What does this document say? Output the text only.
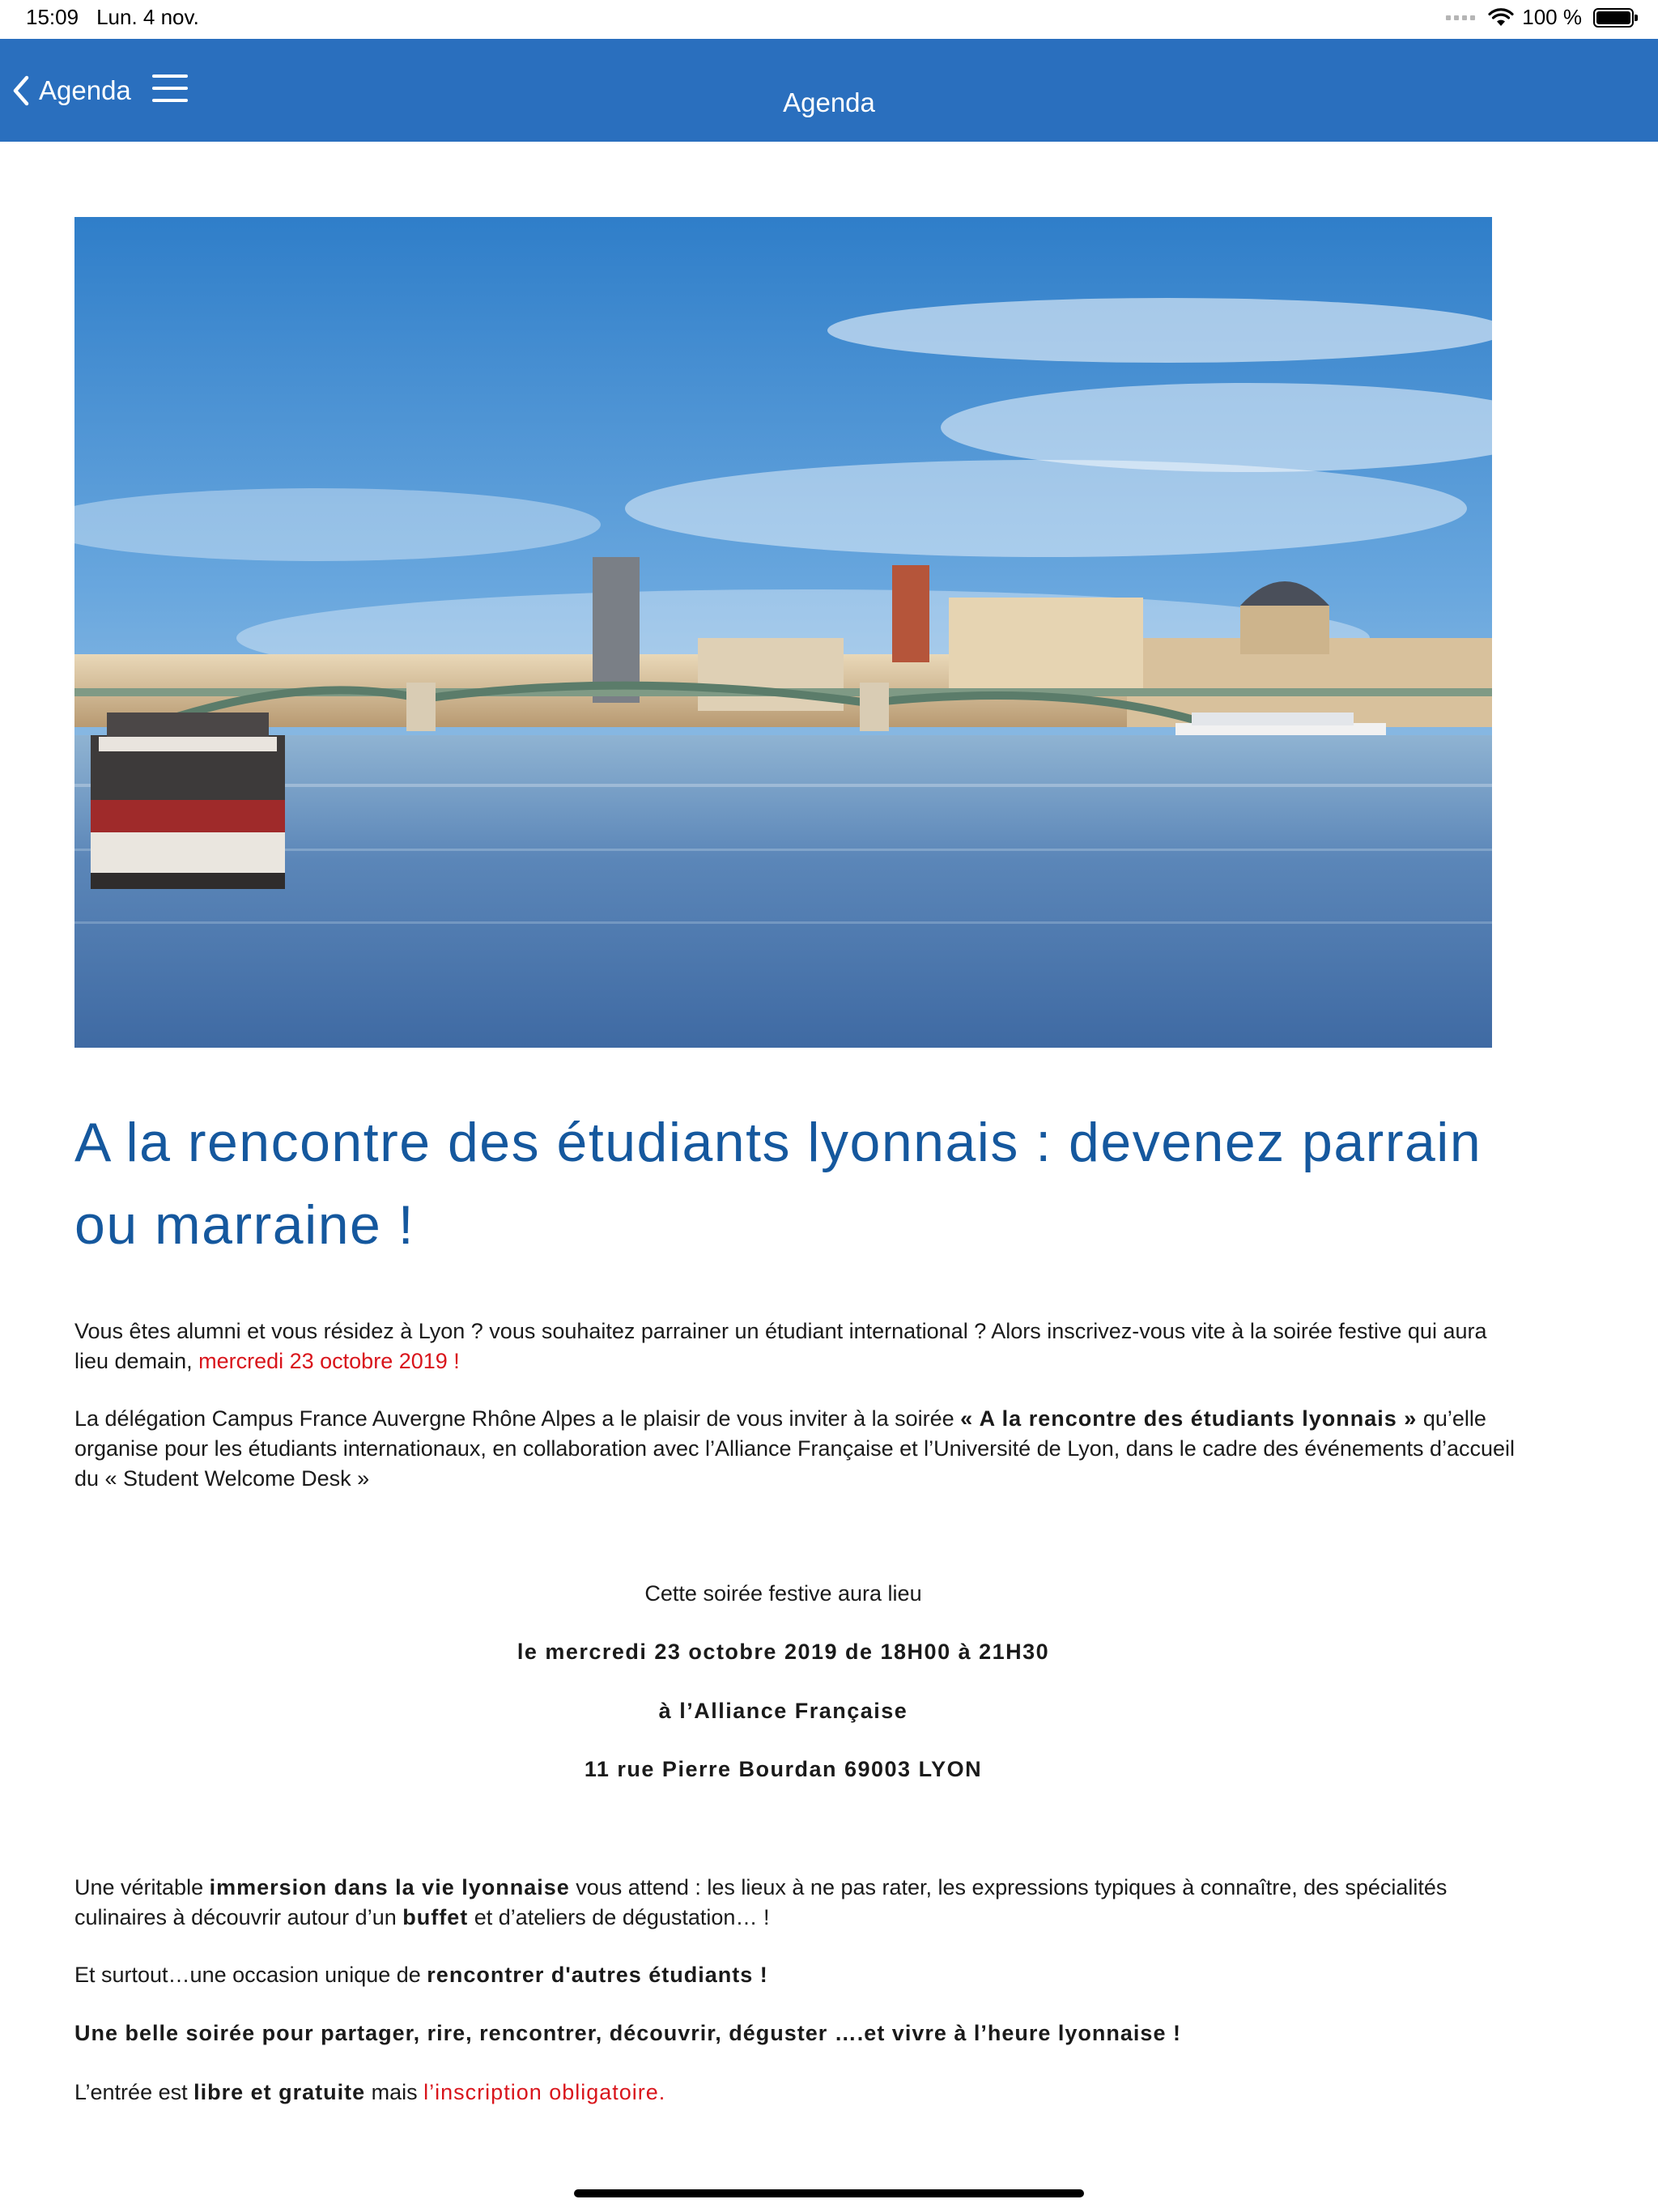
15:09 Lun. 4 nov.	100 %
Agenda	Agenda
A la rencontre des étudiants lyonnais : devenez parrain ou marraine !

Vous êtes alumni et vous résidez à Lyon ? vous souhaitez parrainer un étudiant international ? Alors inscrivez-vous vite à la soirée festive qui aura lieu demain, mercredi 23 octobre 2019 !

La délégation Campus France Auvergne Rhône Alpes a le plaisir de vous inviter à la soirée « A la rencontre des étudiants lyonnais » qu’elle organise pour les étudiants internationaux, en collaboration avec l’Alliance Française et l’Université de Lyon, dans le cadre des événements d’accueil du « Student Welcome Desk »

Cette soirée festive aura lieu

le mercredi 23 octobre 2019 de 18H00 à 21H30

à l’Alliance Française

11 rue Pierre Bourdan 69003 LYON

Une véritable immersion dans la vie lyonnaise vous attend : les lieux à ne pas rater, les expressions typiques à connaître, des spécialités culinaires à découvrir autour d’un buffet et d’ateliers de dégustation… !

Et surtout…une occasion unique de rencontrer d'autres étudiants !

Une belle soirée pour partager, rire, rencontrer, découvrir, déguster ….et vivre à l’heure lyonnaise !

L’entrée est libre et gratuite mais l’inscription obligatoire.
